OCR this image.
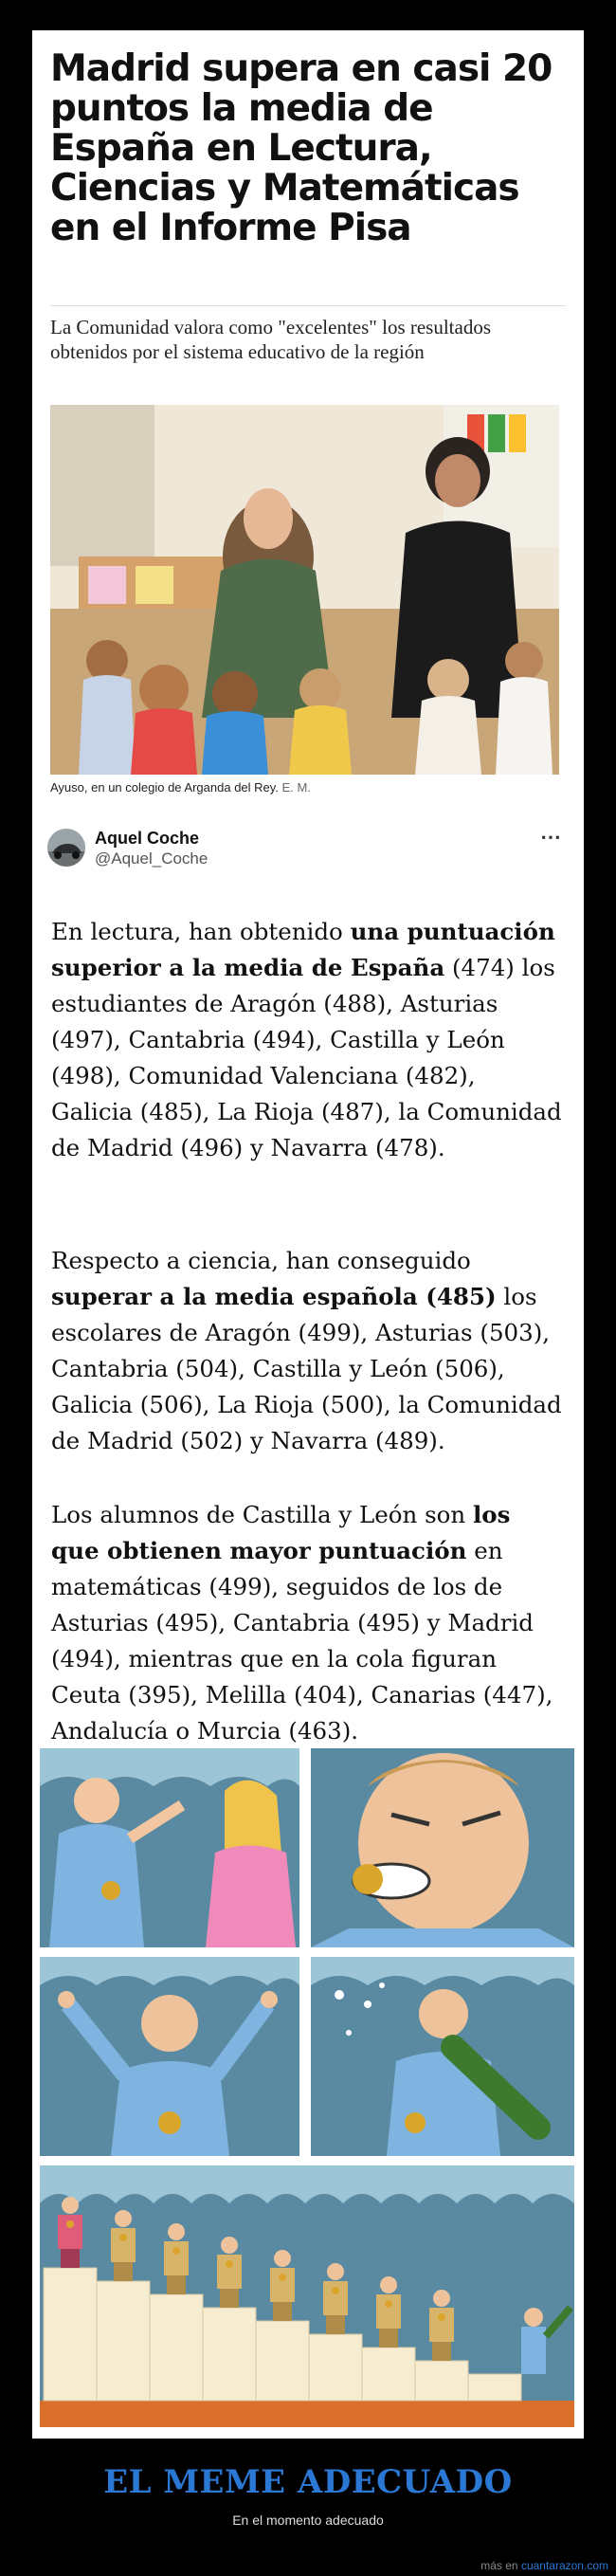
Madrid supera en casi 20 puntos la media de España en Lectura, Ciencias y Matemáticas en el Informe Pisa

La Comunidad valora como "excelentes" los resultados obtenidos por el sistema educativo de la región

Ayuso, en un colegio de Arganda del Rey. E. M.

Aquel Coche
@Aquel_Coche
⋯

En lectura, han obtenido una puntuación superior a la media de España (474) los estudiantes de Aragón (488), Asturias (497), Cantabria (494), Castilla y León (498), Comunidad Valenciana (482), Galicia (485), La Rioja (487), la Comunidad de Madrid (496) y Navarra (478).

Respecto a ciencia, han conseguido superar a la media española (485) los escolares de Aragón (499), Asturias (503), Cantabria (504), Castilla y León (506), Galicia (506), La Rioja (500), la Comunidad de Madrid (502) y Navarra (489).

Los alumnos de Castilla y León son los que obtienen mayor puntuación en matemáticas (499), seguidos de los de Asturias (495), Cantabria (495) y Madrid (494), mientras que en la cola figuran Ceuta (395), Melilla (404), Canarias (447), Andalucía o Murcia (463).

EL MEME ADECUADO

En el momento adecuado

más en cuantarazon.com
